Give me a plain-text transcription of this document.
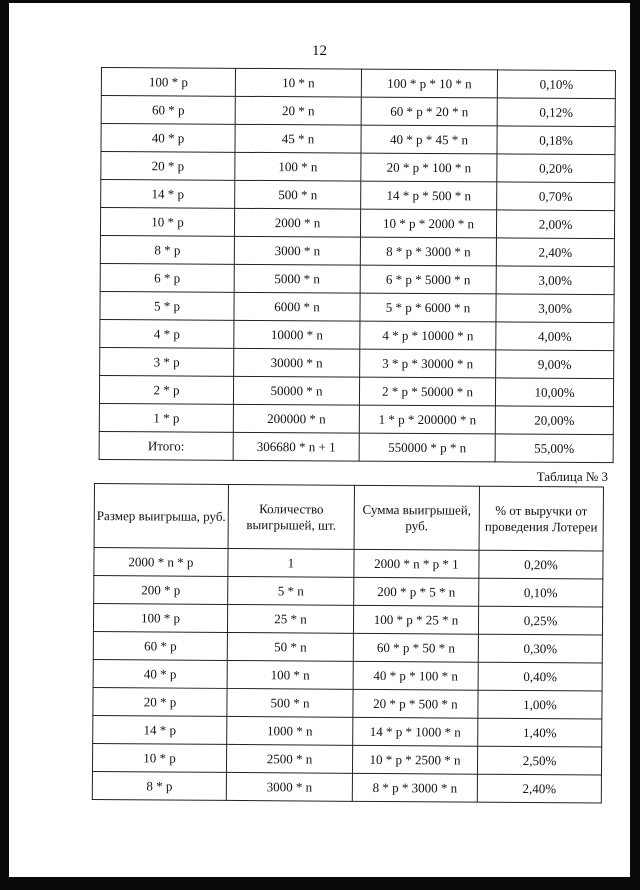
12
100 * р	10 * n	100 * р * 10 * n	0,10%
60 * р	20 * n	60 * р * 20 * n	0,12%
40 * р	45 * n	40 * р * 45 * n	0,18%
20 * р	100 * n	20 * р * 100 * n	0,20%
14 * р	500 * n	14 * р * 500 * n	0,70%
10 * р	2000 * n	10 * р * 2000 * n	2,00%
8 * р	3000 * n	8 * р * 3000 * n	2,40%
6 * р	5000 * n	6 * р * 5000 * n	3,00%
5 * р	6000 * n	5 * р * 6000 * n	3,00%
4 * р	10000 * n	4 * р * 10000 * n	4,00%
3 * р	30000 * n	3 * р * 30000 * n	9,00%
2 * р	50000 * n	2 * р * 50000 * n	10,00%
1 * р	200000 * n	1 * р * 200000 * n	20,00%
Итого:	306680 * n + 1	550000 * р * n	55,00%
Таблица № 3
Размер выигрыша, руб.	Количество выигрышей, шт.	Сумма выигрышей, руб.	% от выручки от проведения Лотереи
2000 * n * р	1	2000 * n * р * 1	0,20%
200 * р	5 * n	200 * р * 5 * n	0,10%
100 * р	25 * n	100 * р * 25 * n	0,25%
60 * р	50 * n	60 * р * 50 * n	0,30%
40 * р	100 * n	40 * р * 100 * n	0,40%
20 * р	500 * n	20 * р * 500 * n	1,00%
14 * р	1000 * n	14 * р * 1000 * n	1,40%
10 * р	2500 * n	10 * р * 2500 * n	2,50%
8 * р	3000 * n	8 * р * 3000 * n	2,40%
